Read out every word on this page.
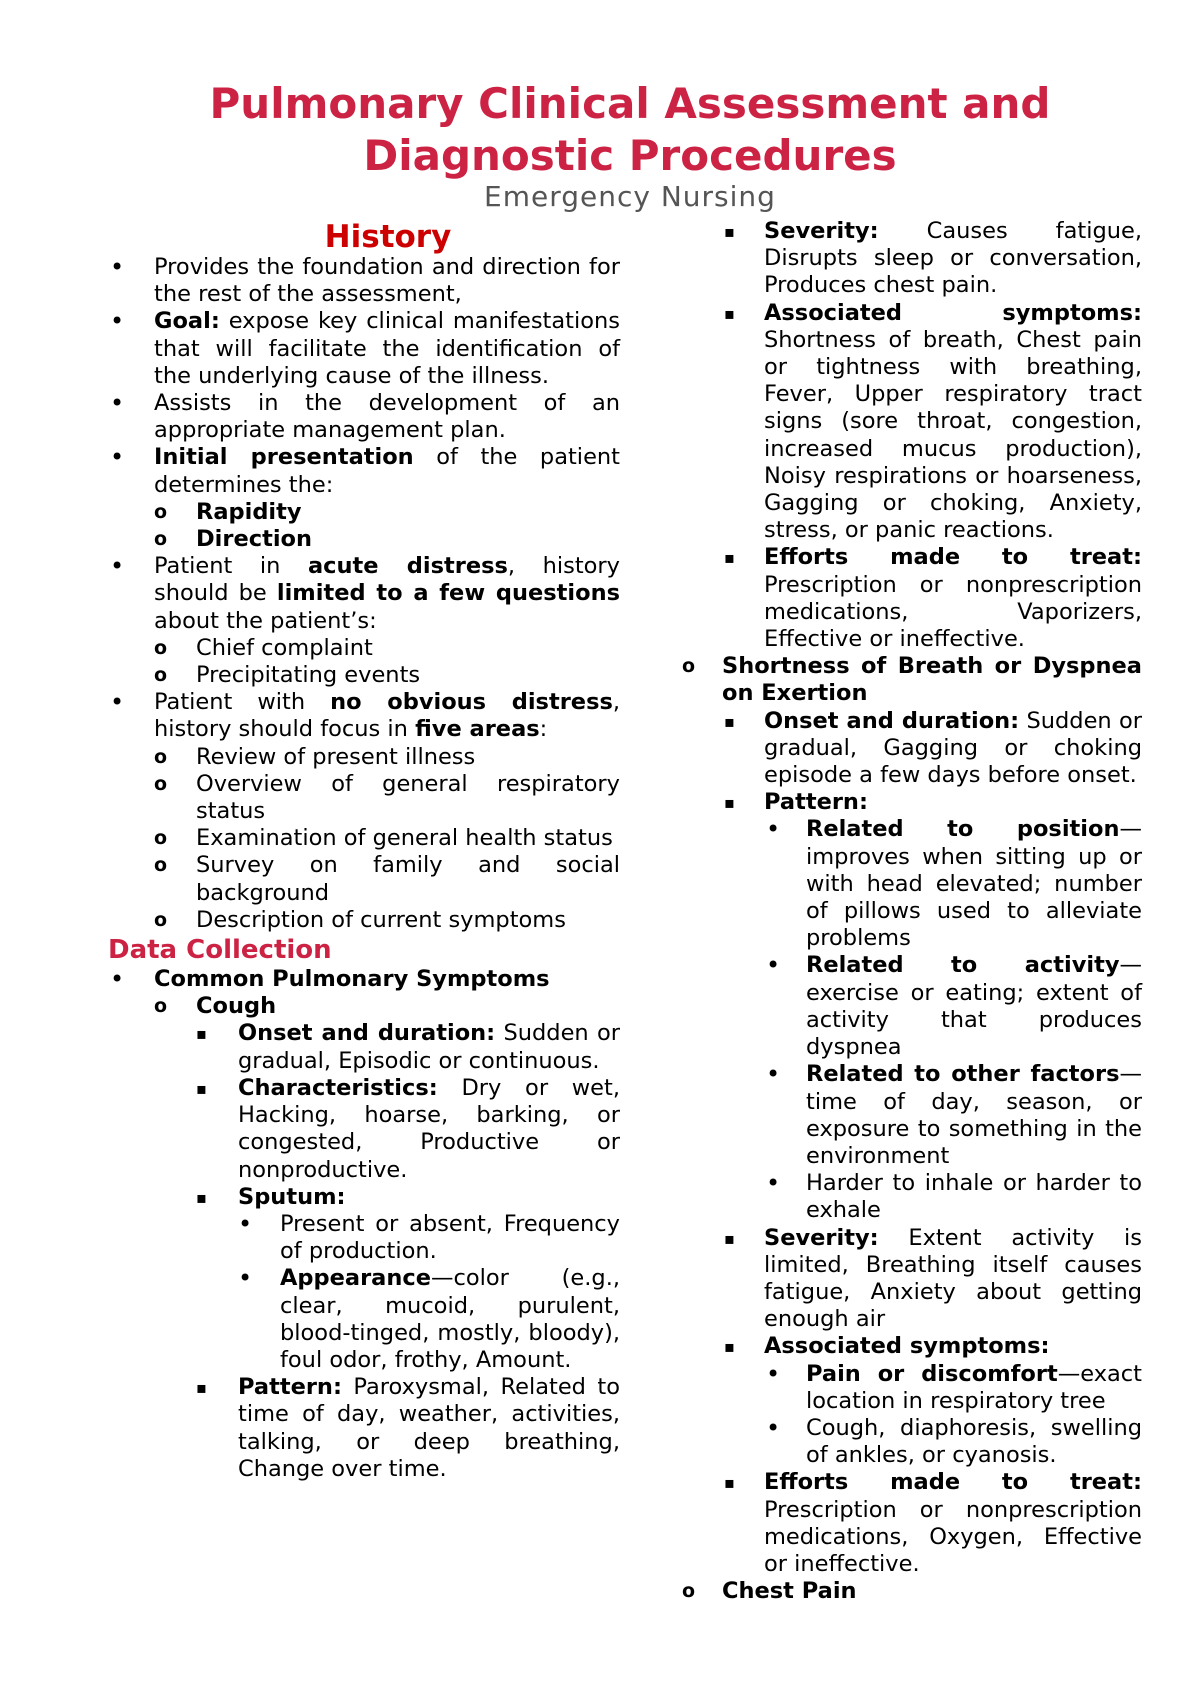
Pulmonary Clinical Assessment and
Diagnostic Procedures
Emergency Nursing
History
• Provides the foundation and direction for the rest of the assessment,
• Goal: expose key clinical manifestations that will facilitate the identification of the underlying cause of the illness.
• Assists in the development of an appropriate management plan.
• Initial presentation of the patient determines the:
o Rapidity
o Direction
• Patient in acute distress, history should be limited to a few questions about the patient’s:
o Chief complaint
o Precipitating events
• Patient with no obvious distress, history should focus in five areas:
o Review of present illness
o Overview of general respiratory status
o Examination of general health status
o Survey on family and social background
o Description of current symptoms
Data Collection
• Common Pulmonary Symptoms
o Cough
▪ Onset and duration: Sudden or gradual, Episodic or continuous.
▪ Characteristics: Dry or wet, Hacking, hoarse, barking, or congested, Productive or nonproductive.
▪ Sputum:
• Present or absent, Frequency of production.
• Appearance—color (e.g., clear, mucoid, purulent, blood-tinged, mostly, bloody), foul odor, frothy, Amount.
▪ Pattern: Paroxysmal, Related to time of day, weather, activities, talking, or deep breathing, Change over time.
▪ Severity: Causes fatigue, Disrupts sleep or conversation, Produces chest pain.
▪ Associated symptoms: Shortness of breath, Chest pain or tightness with breathing, Fever, Upper respiratory tract signs (sore throat, congestion, increased mucus production), Noisy respirations or hoarseness, Gagging or choking, Anxiety, stress, or panic reactions.
▪ Efforts made to treat: Prescription or nonprescription medications, Vaporizers, Effective or ineffective.
o Shortness of Breath or Dyspnea on Exertion
▪ Onset and duration: Sudden or gradual, Gagging or choking episode a few days before onset.
▪ Pattern:
• Related to position—improves when sitting up or with head elevated; number of pillows used to alleviate problems
• Related to activity—exercise or eating; extent of activity that produces dyspnea
• Related to other factors—time of day, season, or exposure to something in the environment
• Harder to inhale or harder to exhale
▪ Severity: Extent activity is limited, Breathing itself causes fatigue, Anxiety about getting enough air
▪ Associated symptoms:
• Pain or discomfort—exact location in respiratory tree
• Cough, diaphoresis, swelling of ankles, or cyanosis.
▪ Efforts made to treat: Prescription or nonprescription medications, Oxygen, Effective or ineffective.
o Chest Pain
